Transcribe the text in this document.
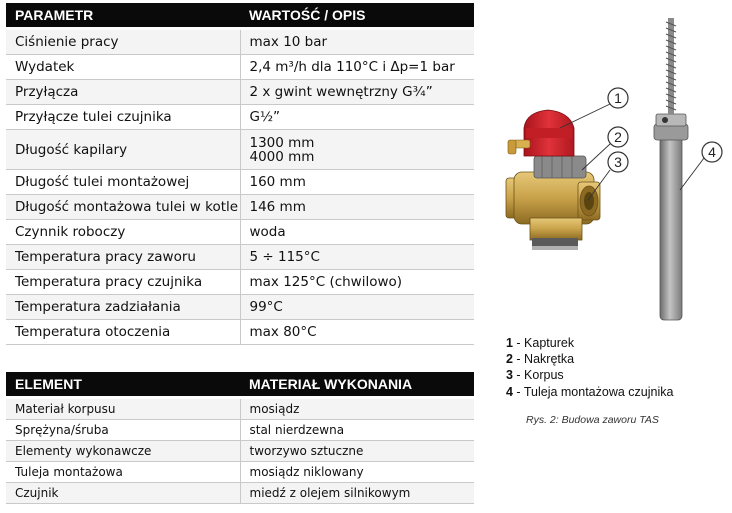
PARAMETR	WARTOŚĆ / OPIS

Ciśnienie pracy	max 10 bar
Wydatek	2,4 m³/h dla 110°C i Δp=1 bar
Przyłącza	2 x gwint wewnętrzny G¾”
Przyłącze tulei czujnika	G½”
Długość kapilary	1300 mm
4000 mm

Długość tulei montażowej	160 mm
Długość montażowa tulei w kotle	146 mm
Czynnik roboczy	woda
Temperatura pracy zaworu	5 ÷ 115°C
Temperatura pracy czujnika	max 125°C (chwilowo)
Temperatura zadziałania	99°C
Temperatura otoczenia	max 80°C
ELEMENT	MATERIAŁ WYKONANIA

Materiał korpusu	mosiądz
Sprężyna/śruba	stal nierdzewna
Elementy wykonawcze	tworzywo sztuczne
Tuleja montażowa	mosiądz niklowany
Czujnik	miedź z olejem silnikowym
1
2
3
4
1 - Kapturek
2 - Nakrętka
3 - Korpus
4 - Tuleja montażowa czujnika
Rys. 2: Budowa zaworu TAS
